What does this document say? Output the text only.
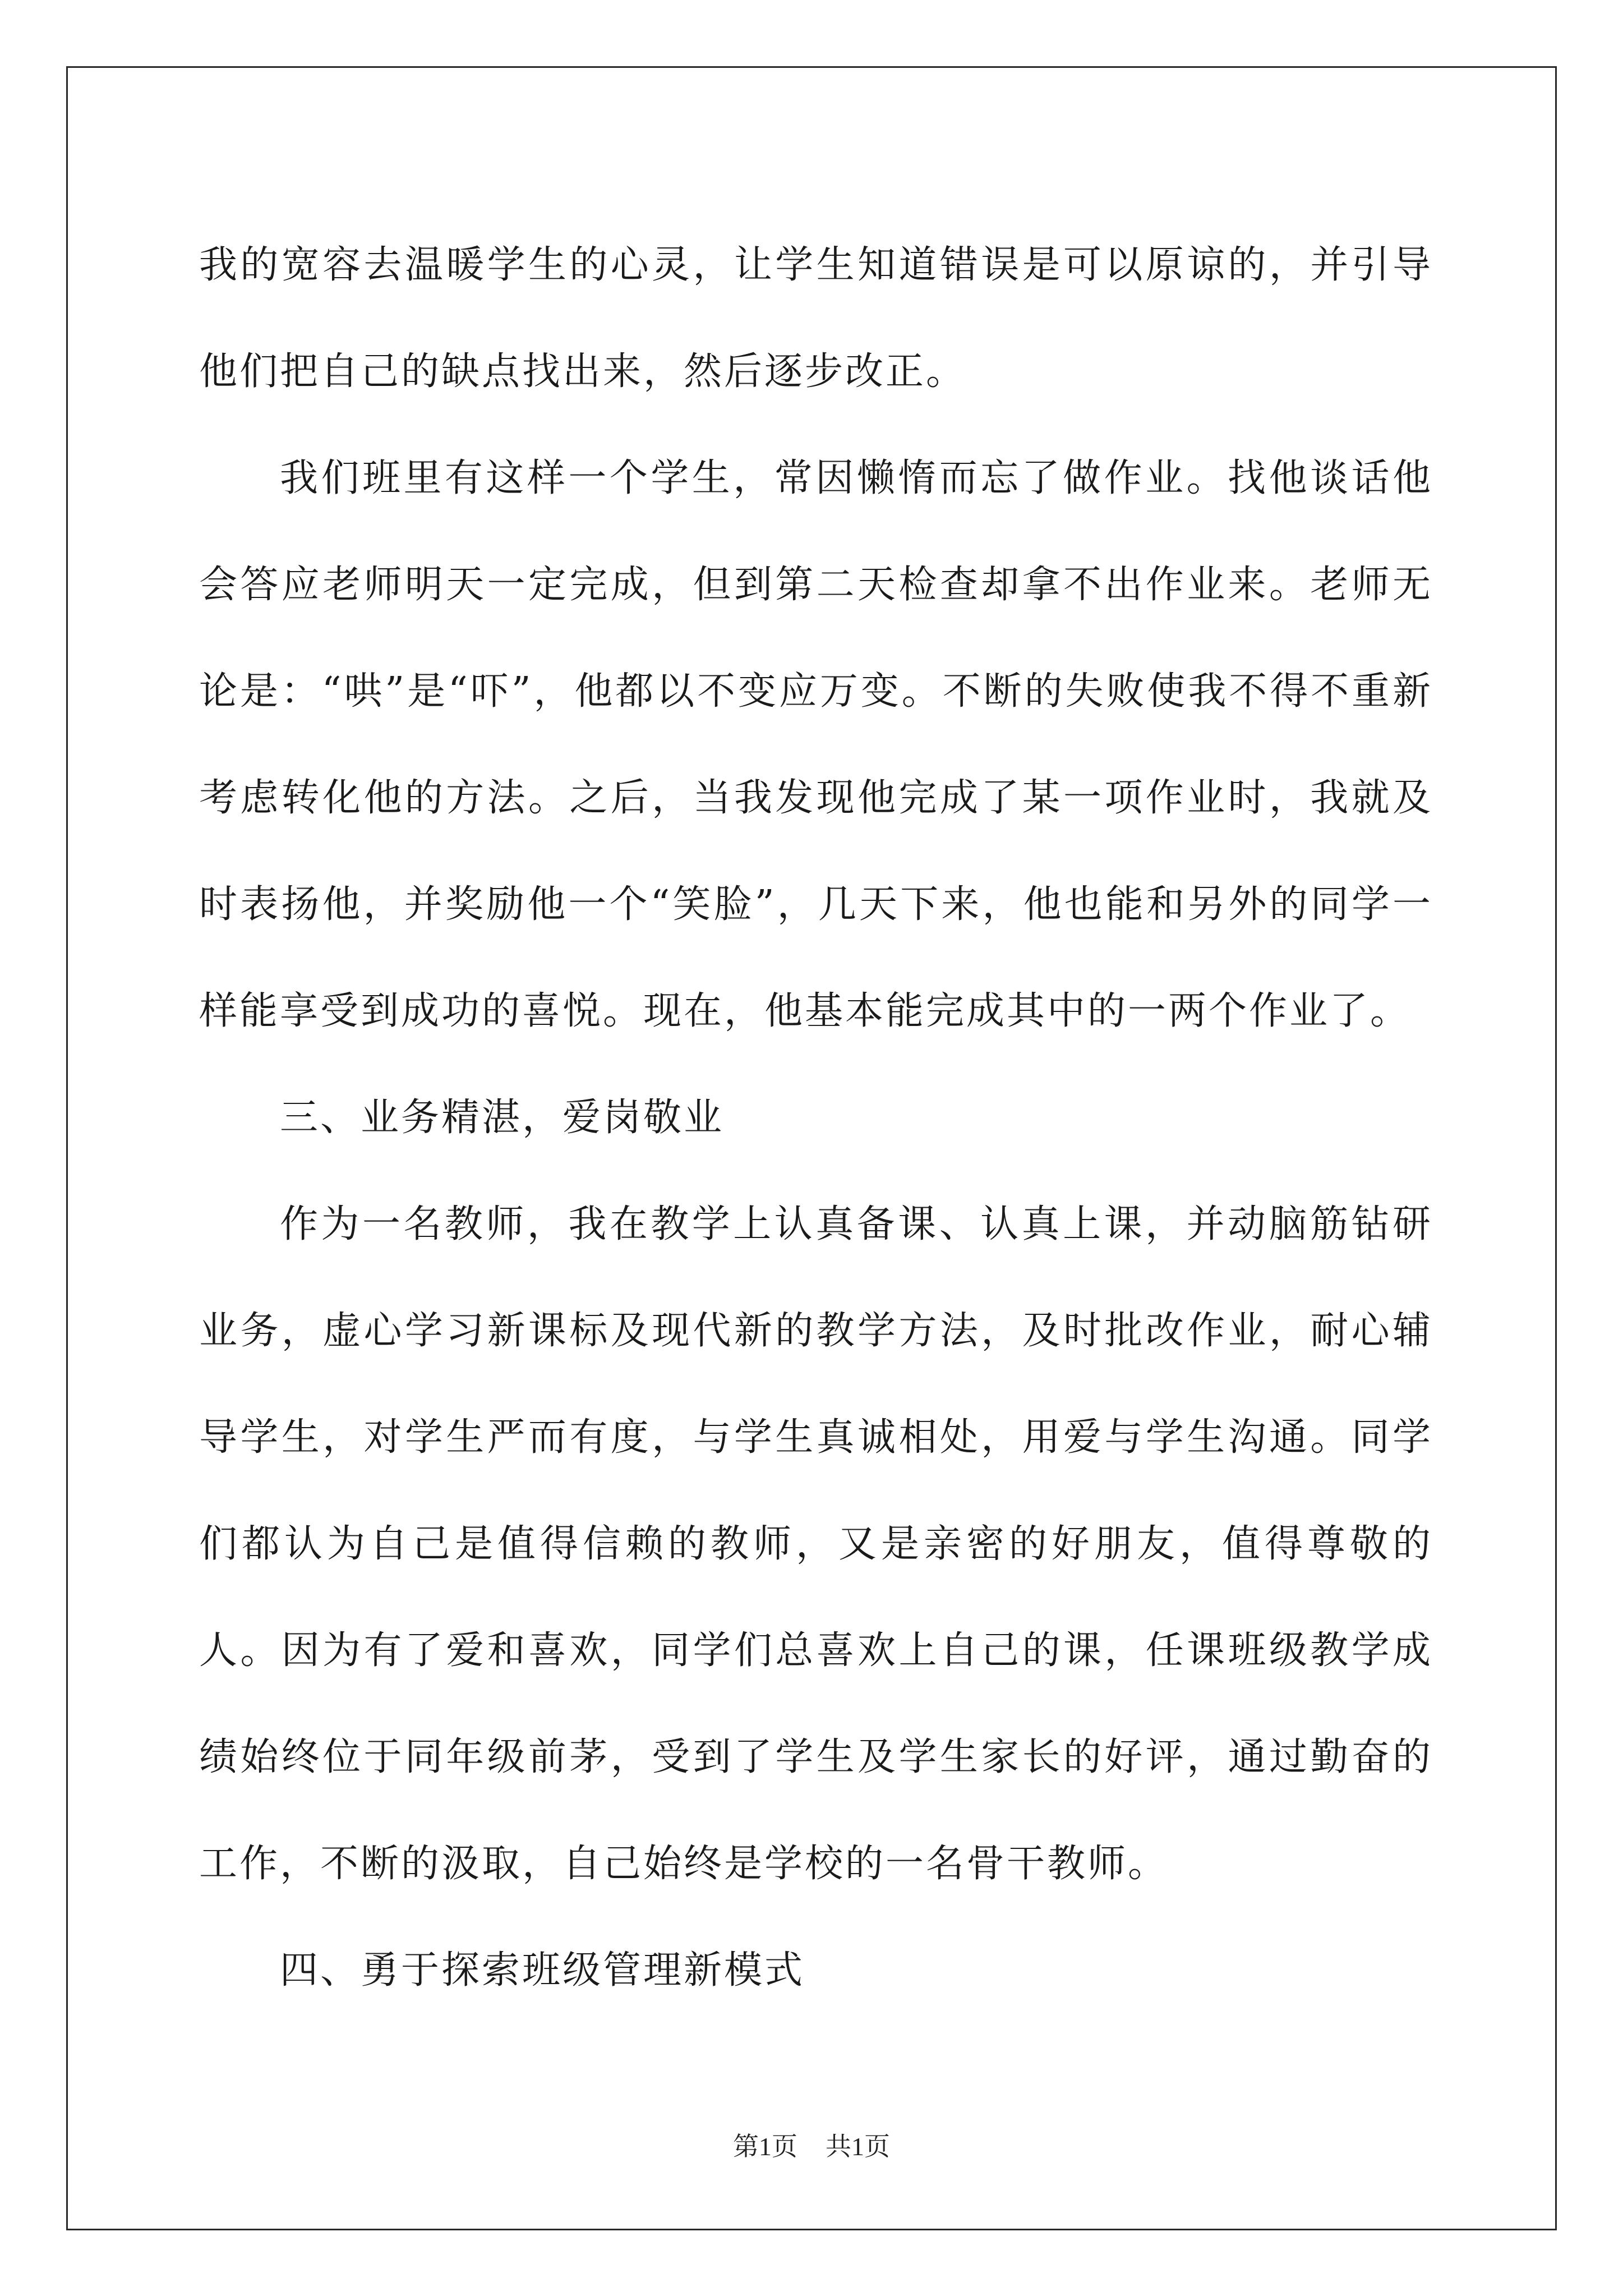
我的宽容去温暖学生的心灵，让学生知道错误是可以原谅的，并引导他们把自己的缺点找出来，然后逐步改正。

我们班里有这样一个学生，常因懒惰而忘了做作业。找他谈话他会答应老师明天一定完成，但到第二天检查却拿不出作业来。老师无论是：“哄”是“吓”，他都以不变应万变。不断的失败使我不得不重新考虑转化他的方法。之后，当我发现他完成了某一项作业时，我就及时表扬他，并奖励他一个“笑脸”，几天下来，他也能和另外的同学一样能享受到成功的喜悦。现在，他基本能完成其中的一两个作业了。

三、业务精湛，爱岗敬业

作为一名教师，我在教学上认真备课、认真上课，并动脑筋钻研业务，虚心学习新课标及现代新的教学方法，及时批改作业，耐心辅导学生，对学生严而有度，与学生真诚相处，用爱与学生沟通。同学们都认为自己是值得信赖的教师，又是亲密的好朋友，值得尊敬的人。因为有了爱和喜欢，同学们总喜欢上自己的课，任课班级教学成绩始终位于同年级前茅，受到了学生及学生家长的好评，通过勤奋的工作，不断的汲取，自己始终是学校的一名骨干教师。

四、勇于探索班级管理新模式

第1页 共1页
